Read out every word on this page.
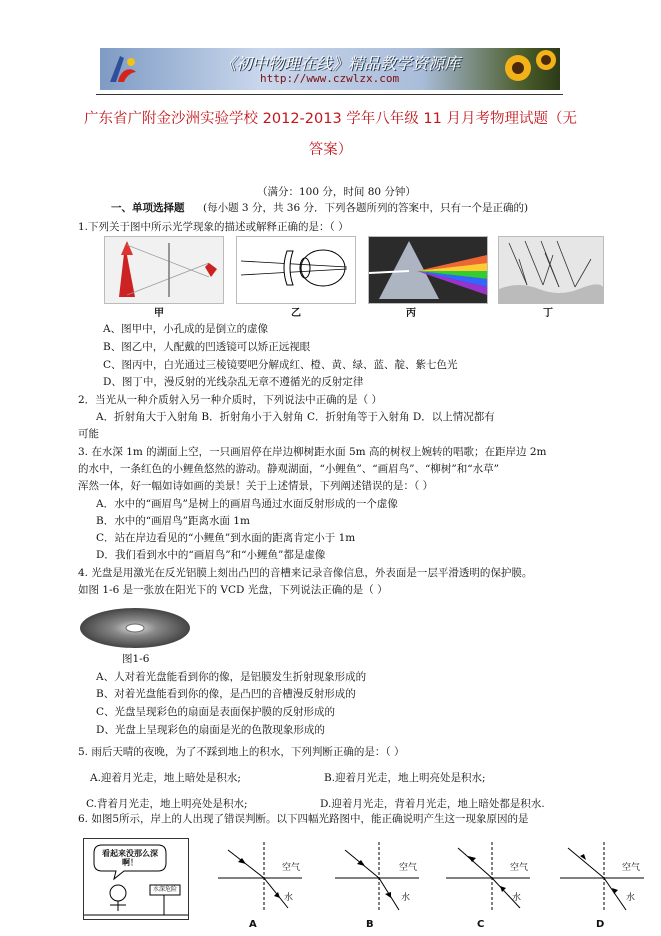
《初中物理在线》精品教学资源库
http://www.czwlzx.com
广东省广附金沙洲实验学校 2012-2013 学年八年级 11 月月考物理试题（无
答案）
（满分：100 分，时间 80 分钟）
一、单项选择题 (每小题 3 分，共 36 分．下列各题所列的答案中，只有一个是正确的)
1.下列关于图中所示光学现象的描述或解释正确的是：（ ）
甲	乙	丙	丁
A、图甲中，小孔成的是倒立的虚像
B、图乙中，人配戴的凹透镜可以矫正远视眼
C、图丙中，白光通过三棱镜要吧分解成红、橙、黄、绿、蓝、靛、紫七色光
D、图丁中，漫反射的光线杂乱无章不遵循光的反射定律
2．当光从一种介质射入另一种介质时，下列说法中正确的是（ ）
A．折射角大于入射角 B．折射角小于入射角 C．折射角等于入射角 D．以上情况都有
可能
3. 在水深 1m 的湖面上空，一只画眉停在岸边柳树距水面 5m 高的树杈上婉转的唱歌；在距岸边 2m
的水中，一条红色的小鲤鱼悠然的游动。静观湖面，“小鲤鱼”、“画眉鸟”、“柳树”和“水草”
浑然一体，好一幅如诗如画的美景！关于上述情景，下列阐述错误的是：（ ）
A．水中的“画眉鸟”是树上的画眉鸟通过水面反射形成的一个虚像
B．水中的“画眉鸟”距离水面 1m
C．站在岸边看见的“小鲤鱼”到水面的距离肯定小于 1m
D．我们看到水中的“画眉鸟”和“小鲤鱼”都是虚像
4. 光盘是用激光在反光铝膜上刻出凸凹的音槽来记录音像信息，外表面是一层平滑透明的保护膜。
如图 1-6 是一张放在阳光下的 VCD 光盘，下列说法正确的是（ ）
图1-6
A、人对着光盘能看到你的像，是铝膜发生折射现象形成的
B、对着光盘能看到你的像，是凸凹的音槽漫反射形成的
C、光盘呈现彩色的扇面是表面保护膜的反射形成的
D、光盘上呈现彩色的扇面是光的色散现象形成的
5. 雨后天晴的夜晚，为了不踩到地上的积水，下列判断正确的是：（ ）
A.迎着月光走，地上暗处是积水;	B.迎着月光走，地上明亮处是积水;
C.背着月光走，地上明亮处是积水;	D.迎着月光走，背着月光走，地上暗处都是积水.
6. 如图5所示，岸上的人出现了错误判断。以下四幅光路图中，能正确说明产生这一现象原因的是
看起来没那么深啊！
水深危险
空气
水
A
空气
水
B
空气
水
C
空气
水
D
